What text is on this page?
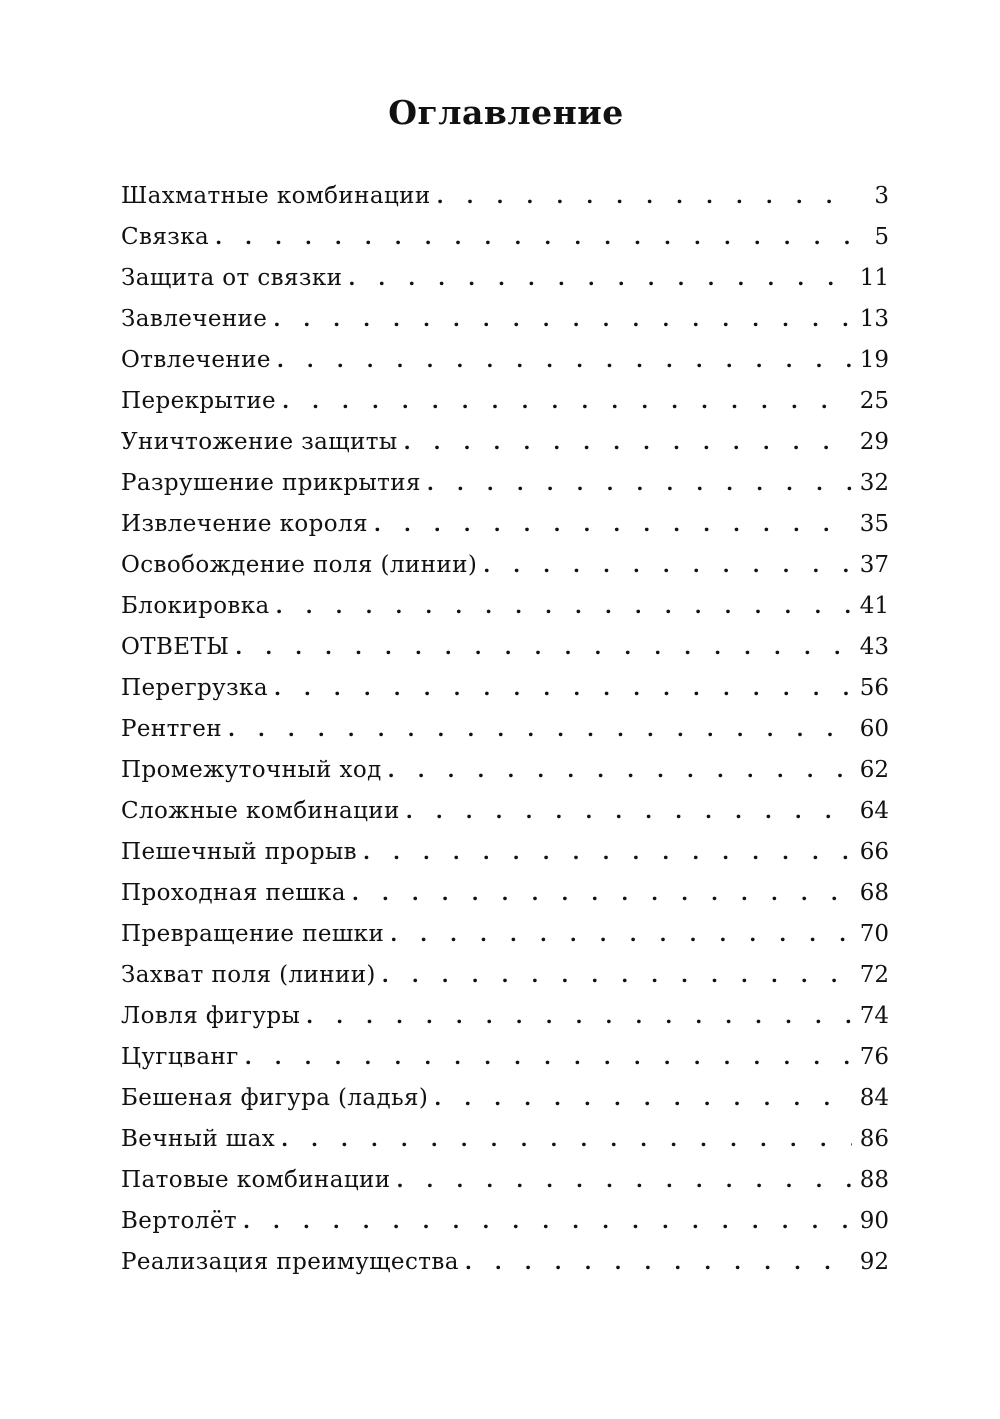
Оглавление
Шахматные комбинации . . .	3
Связка . . .	5
Защита от связки . . .	11
Завлечение . . .	13
Отвлечение . . .	19
Перекрытие . . .	25
Уничтожение защиты . . .	29
Разрушение прикрытия . . .	32
Извлечение короля . . .	35
Освобождение поля (линии) . . .	37
Блокировка . . .	41
ОТВЕТЫ . . .	43
Перегрузка . . .	56
Рентген . . .	60
Промежуточный ход . . .	62
Сложные комбинации . . .	64
Пешечный прорыв . . .	66
Проходная пешка . . .	68
Превращение пешки . . .	70
Захват поля (линии) . . .	72
Ловля фигуры . . .	74
Цугцванг . . .	76
Бешеная фигура (ладья) . . .	84
Вечный шах . . .	86
Патовые комбинации . . .	88
Вертолёт . . .	90
Реализация преимущества . . .	92
